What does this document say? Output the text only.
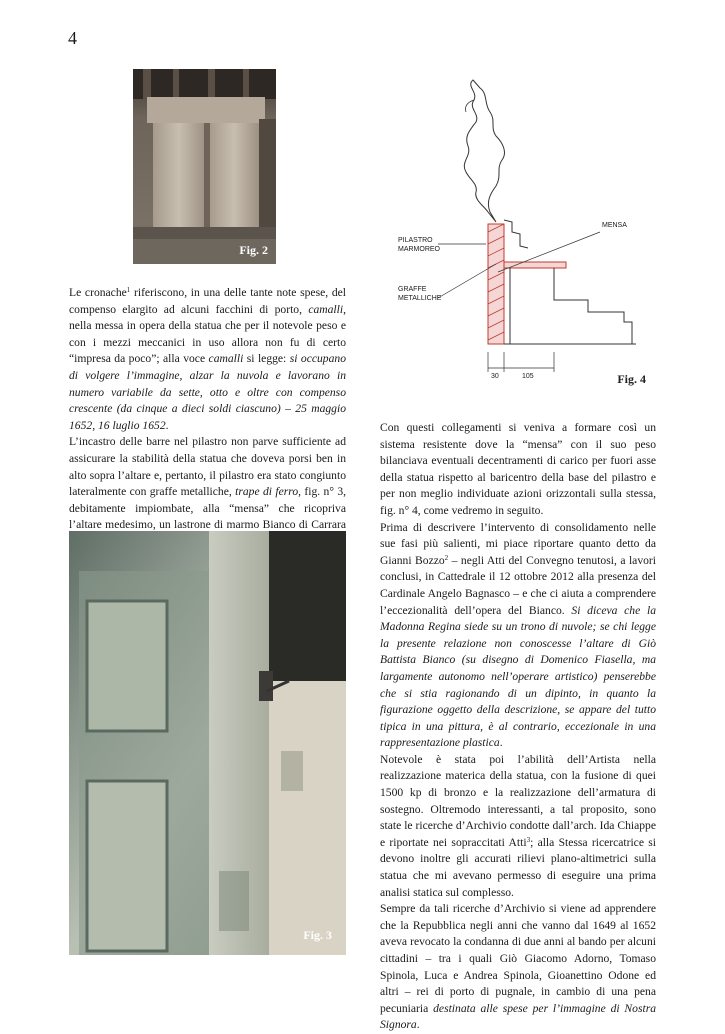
4
Fig. 2
PILASTRO
MARMOREO
MENSA
GRAFFE
METALLICHE
30	105	Fig. 4

Le cronache$^1$ riferiscono, in una delle tante note spese, del compenso elargito ad alcuni facchini di porto, camalli, nella messa in opera della statua che per il notevole peso e con i mezzi meccanici in uso allora non fu di certo “impresa da poco”; alla voce camalli si legge: si occupano di volgere l’immagine, alzar la nuvola e lavorano in numero variabile da sette, otto e oltre con compenso crescente (da cinque a dieci soldi ciascuno) – 25 maggio 1652, 16 luglio 1652.

L’incastro delle barre nel pilastro non parve sufficiente ad assicurare la stabilità della statua che doveva porsi ben in alto sopra l’altare e, pertanto, il pilastro era stato congiunto lateralmente con graffe metalliche, trape di ferro, fig. n° 3, debitamente impiombate, alla “mensa” che ricopriva l’altare medesimo, un lastrone di marmo Bianco di Carrara

Fig. 3

Con questi collegamenti si veniva a formare così un sistema resistente dove la “mensa” con il suo peso bilanciava eventuali decentramenti di carico per fuori asse della statua rispetto al baricentro della base del pilastro e per non meglio individuate azioni orizzontali sulla stessa, fig. n° 4, come vedremo in seguito.

Prima di descrivere l’intervento di consolidamento nelle sue fasi più salienti, mi piace riportare quanto detto da Gianni Bozzo$^2$ – negli Atti del Convegno tenutosi, a lavori conclusi, in Cattedrale il 12 ottobre 2012 alla presenza del Cardinale Angelo Bagnasco – e che ci aiuta a comprendere l’eccezionalità dell’opera del Bianco. Si diceva che la Madonna Regina siede su un trono di nuvole; se chi legge la presente relazione non conoscesse l’altare di Giò Battista Bianco (su disegno di Domenico Fiasella, ma largamente autonomo nell’operare artistico) penserebbe che si stia ragionando di un dipinto, in quanto la figurazione oggetto della descrizione, se appare del tutto tipica in una pittura, è al contrario, eccezionale in una rappresentazione plastica.

Notevole è stata poi l’abilità dell’Artista nella realizzazione materica della statua, con la fusione di quei 1500 kp di bronzo e la realizzazione dell’armatura di sostegno. Oltremodo interessanti, a tal proposito, sono state le ricerche d’Archivio condotte dall’arch. Ida Chiappe e riportate nei sopraccitati Atti$^3$; alla Stessa ricercatrice si devono inoltre gli accurati rilievi plano-altimetrici sulla statua che mi avevano permesso di eseguire una prima analisi statica sul complesso.

Sempre da tali ricerche d’Archivio si viene ad apprendere che la Repubblica negli anni che vanno dal 1649 al 1652 aveva revocato la condanna di due anni al bando per alcuni cittadini – tra i quali Giò Giacomo Adorno, Tomaso Spinola, Luca e Andrea Spinola, Gioanettino Odone ed altri – rei di porto di pugnale, in cambio di una pena pecuniaria destinata alle spese per l’immagine di Nostra Signora.
